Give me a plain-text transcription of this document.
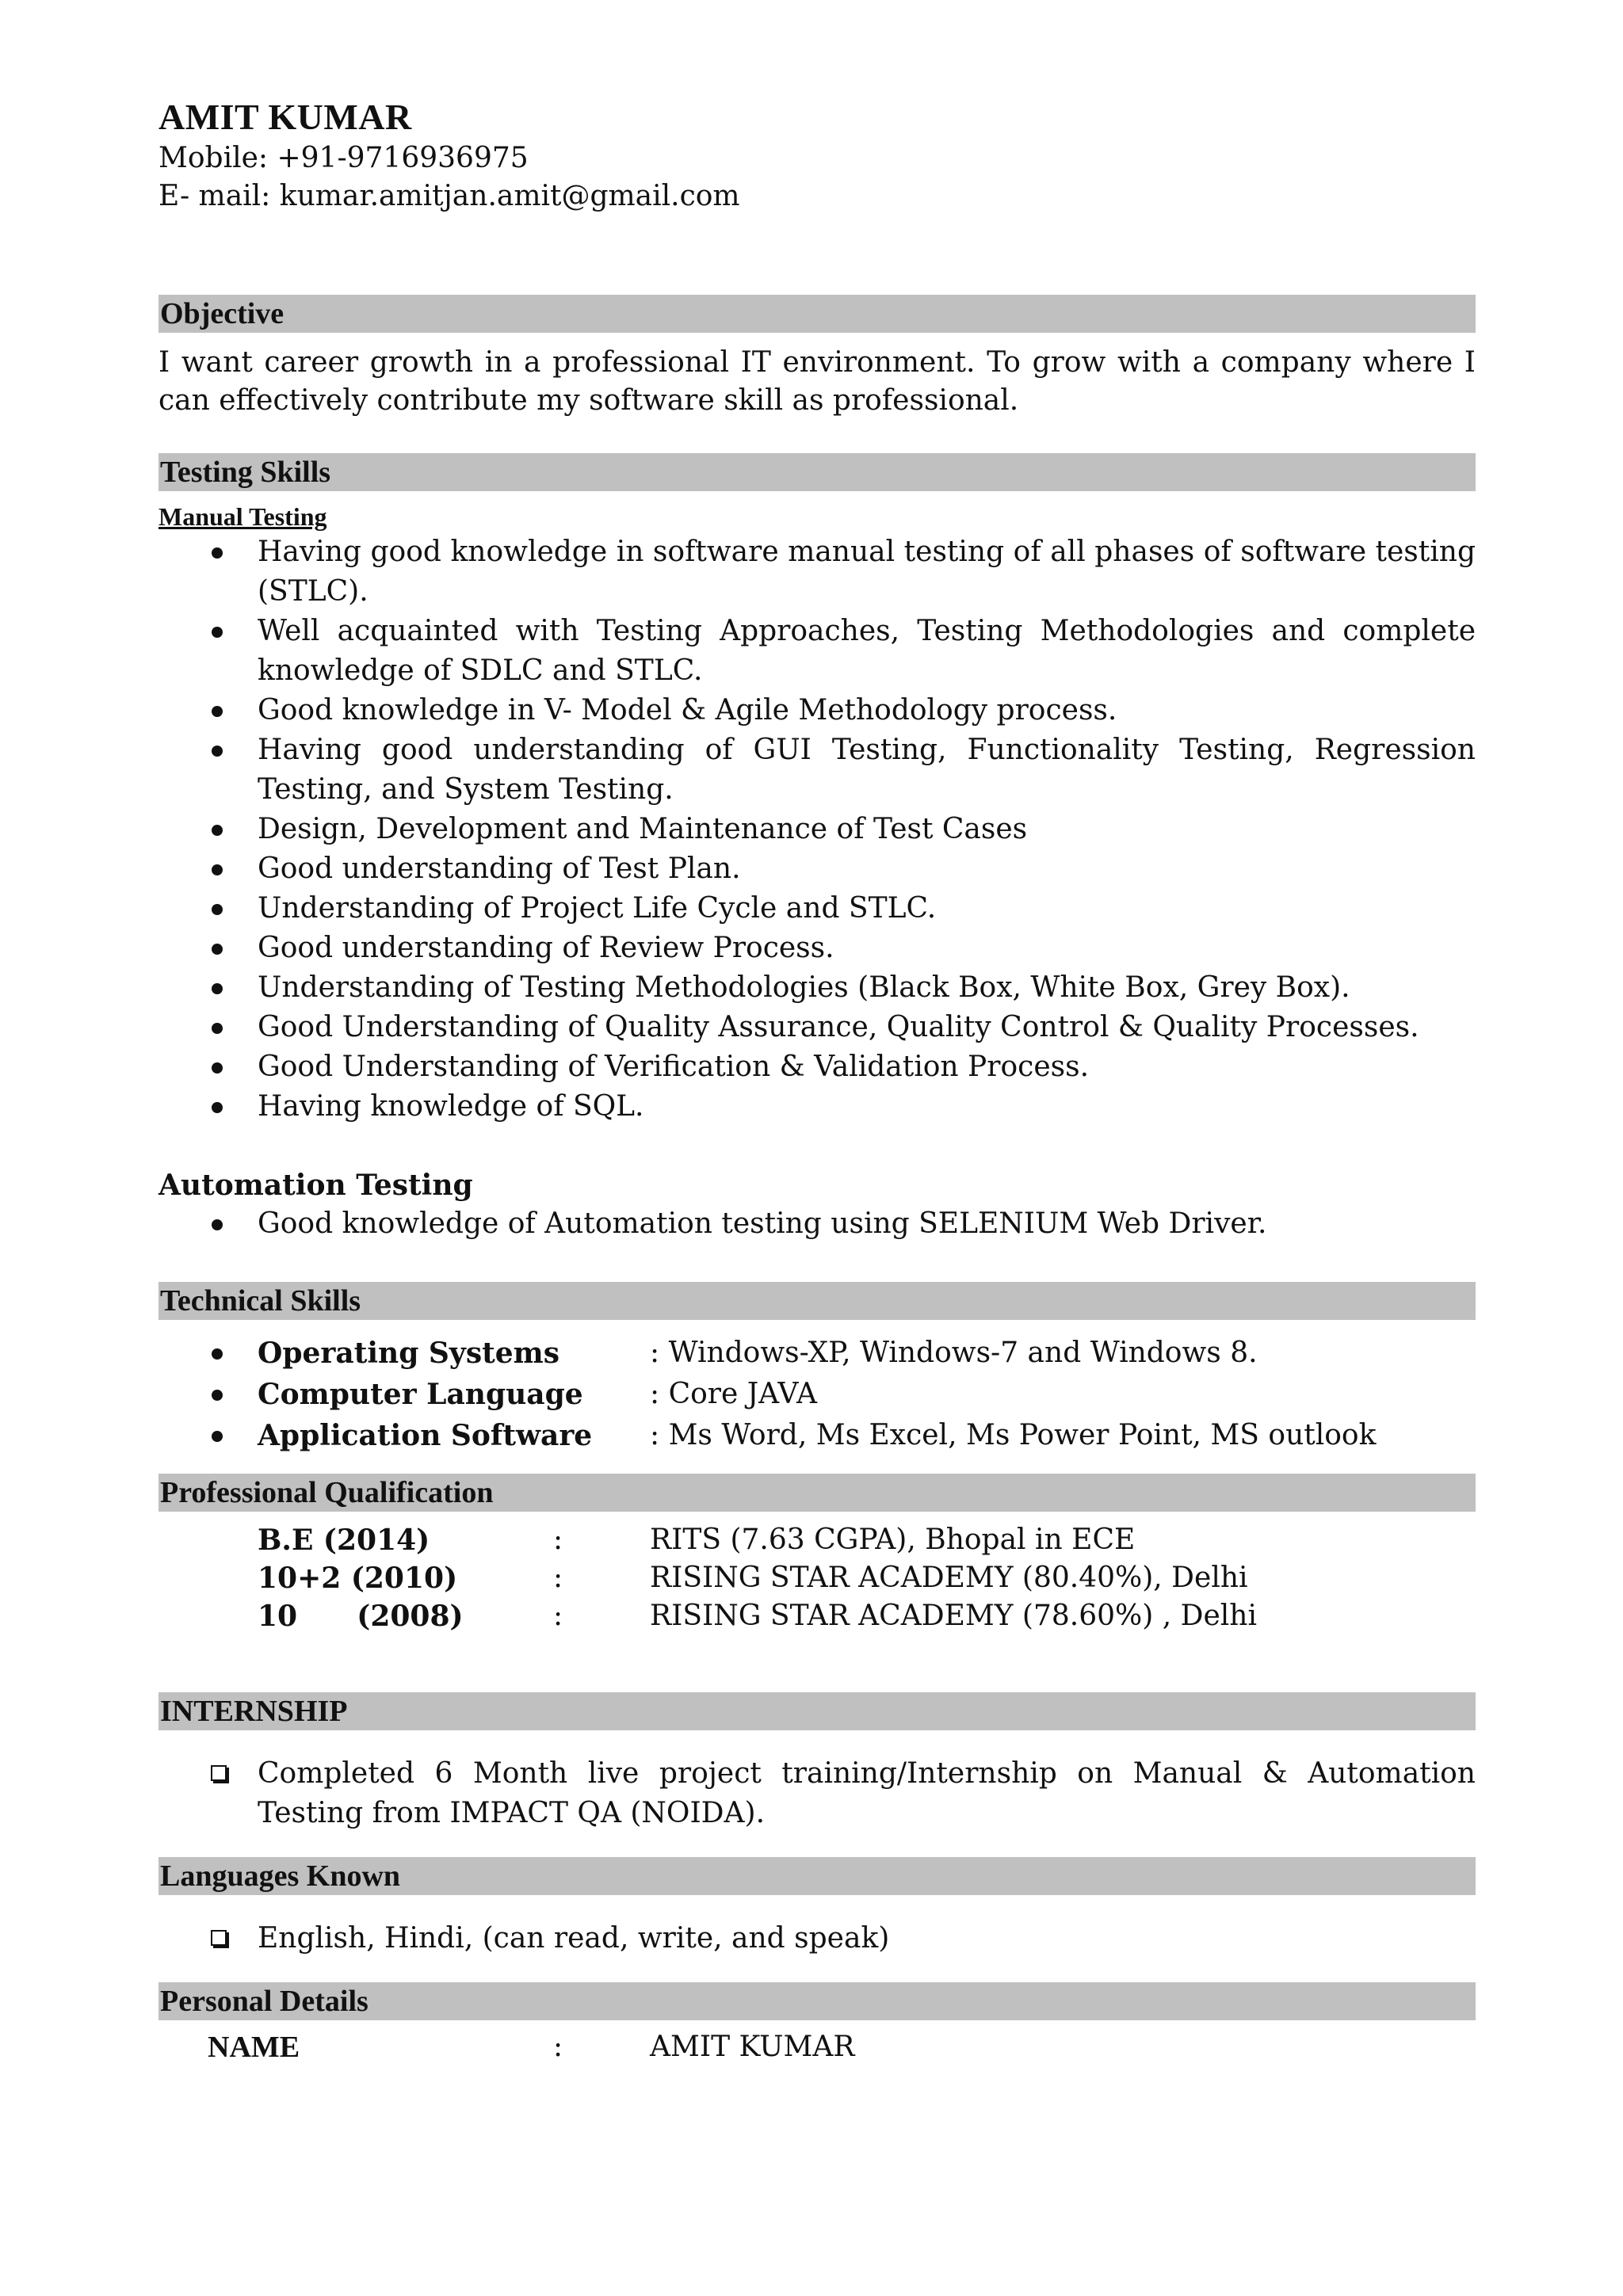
AMIT KUMAR
Mobile: +91-9716936975
E- mail: kumar.amitjan.amit@gmail.com
Objective
I want career growth in a professional IT environment. To grow with a company where I can effectively contribute my software skill as professional.
Testing Skills
Manual Testing
Having good knowledge in software manual testing of all phases of software testing (STLC).
Well acquainted with Testing Approaches, Testing Methodologies and complete knowledge of SDLC and STLC.
Good knowledge in V- Model & Agile Methodology process.
Having good understanding of GUI Testing, Functionality Testing, Regression Testing, and System Testing.
Design, Development and Maintenance of Test Cases
Good understanding of Test Plan.
Understanding of Project Life Cycle and STLC.
Good understanding of Review Process.
Understanding of Testing Methodologies (Black Box, White Box, Grey Box).
Good Understanding of Quality Assurance, Quality Control & Quality Processes.
Good Understanding of Verification & Validation Process.
Having knowledge of SQL.
Automation Testing
Good knowledge of Automation testing using SELENIUM Web Driver.
Technical Skills
Operating Systems	: Windows-XP, Windows-7 and Windows 8.
Computer Language : Core JAVA
Application Software : Ms Word, Ms Excel, Ms Power Point, MS outlook
Professional Qualification
B.E (2014)	:	RITS (7.63 CGPA), Bhopal in ECE
10+2 (2010)	:	RISING STAR ACADEMY (80.40%), Delhi
10      (2008)	:	RISING STAR ACADEMY (78.60%) , Delhi
INTERNSHIP
Completed 6 Month live project training/Internship on Manual & Automation Testing from IMPACT QA (NOIDA).
Languages Known
English, Hindi, (can read, write, and speak)
Personal Details
NAME	:	AMIT KUMAR
